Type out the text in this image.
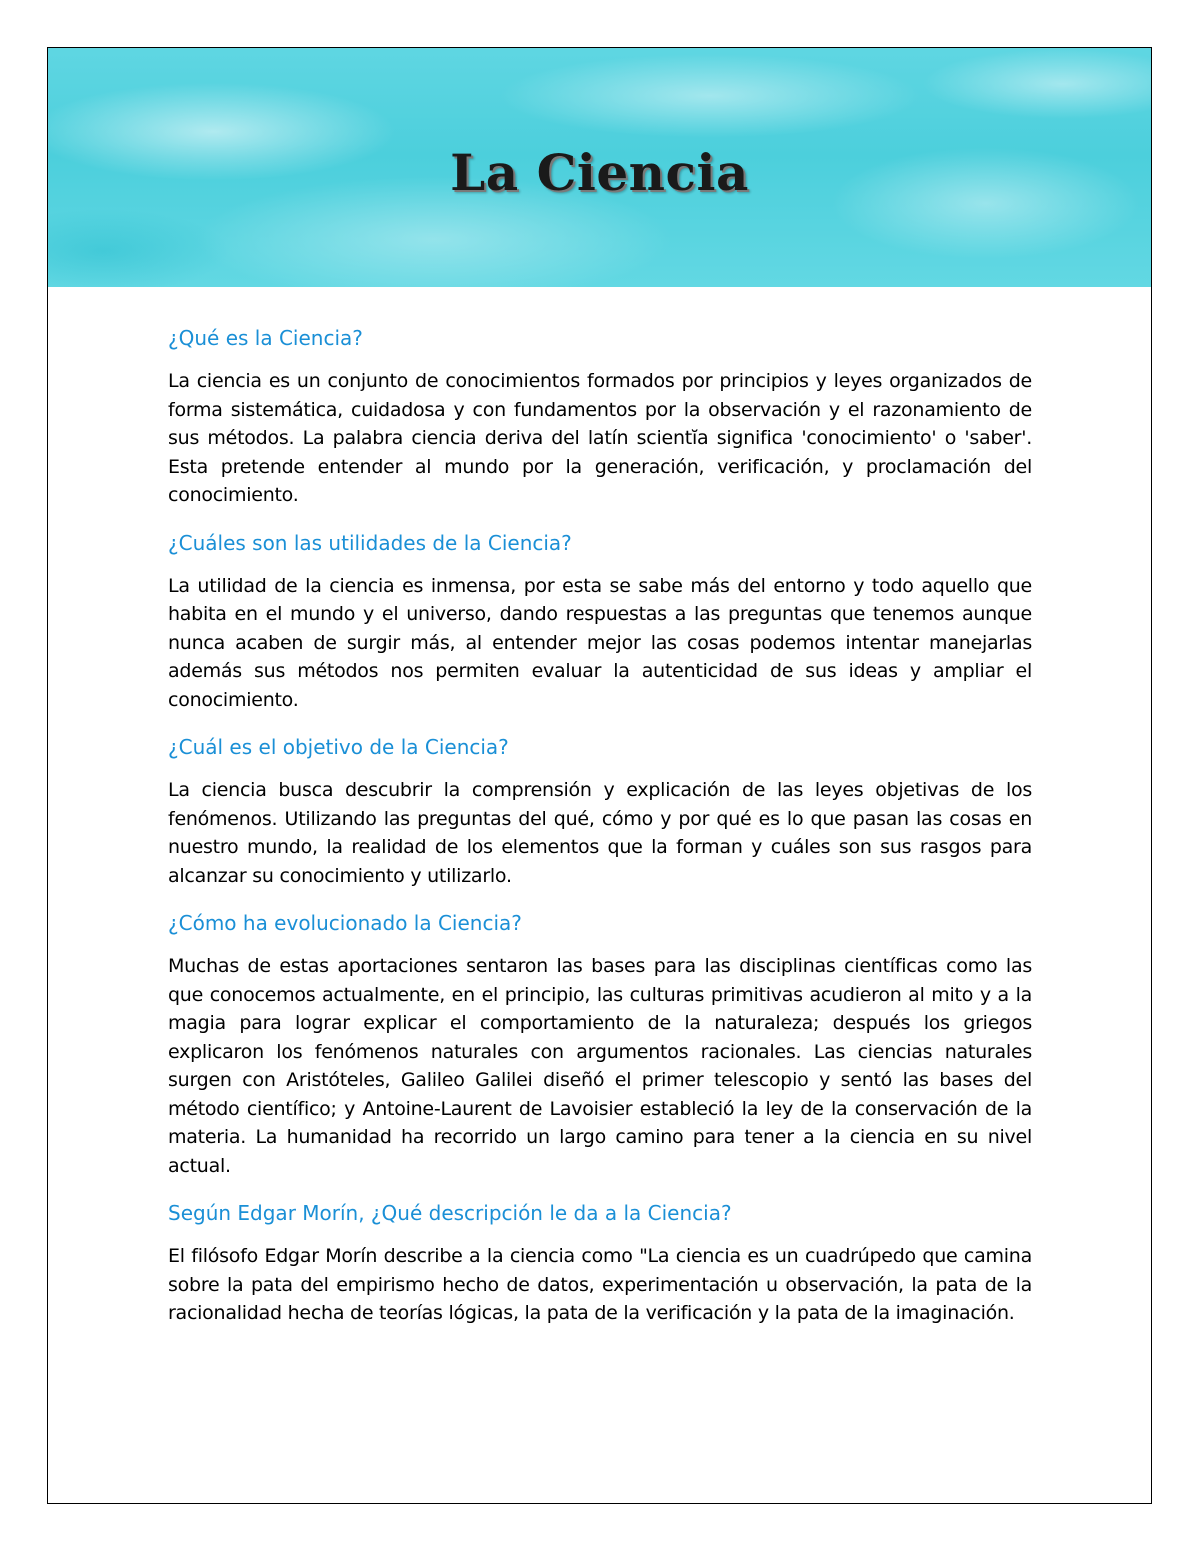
La Ciencia
¿Qué es la Ciencia?

La ciencia es un conjunto de conocimientos formados por principios y leyes organizados de forma sistemática, cuidadosa y con fundamentos por la observación y el razonamiento de sus métodos. La palabra ciencia deriva del latín scientĭa significa 'conocimiento' o 'saber'. Esta pretende entender al mundo por la generación, verificación, y proclamación del conocimiento.

¿Cuáles son las utilidades de la Ciencia?

La utilidad de la ciencia es inmensa, por esta se sabe más del entorno y todo aquello que habita en el mundo y el universo, dando respuestas a las preguntas que tenemos aunque nunca acaben de surgir más, al entender mejor las cosas podemos intentar manejarlas además sus métodos nos permiten evaluar la autenticidad de sus ideas y ampliar el conocimiento.

¿Cuál es el objetivo de la Ciencia?

La ciencia busca descubrir la comprensión y explicación de las leyes objetivas de los fenómenos. Utilizando las preguntas del qué, cómo y por qué es lo que pasan las cosas en nuestro mundo, la realidad de los elementos que la forman y cuáles son sus rasgos para alcanzar su conocimiento y utilizarlo.

¿Cómo ha evolucionado la Ciencia?

Muchas de estas aportaciones sentaron las bases para las disciplinas científicas como las que conocemos actualmente, en el principio, las culturas primitivas acudieron al mito y a la magia para lograr explicar el comportamiento de la naturaleza; después los griegos explicaron los fenómenos naturales con argumentos racionales. Las ciencias naturales surgen con Aristóteles, Galileo Galilei diseñó el primer telescopio y sentó las bases del método científico; y Antoine-Laurent de Lavoisier estableció la ley de la conservación de la materia. La humanidad ha recorrido un largo camino para tener a la ciencia en su nivel actual.

Según Edgar Morín, ¿Qué descripción le da a la Ciencia?

El filósofo Edgar Morín describe a la ciencia como "La ciencia es un cuadrúpedo que camina sobre la pata del empirismo hecho de datos, experimentación u observación, la pata de la racionalidad hecha de teorías lógicas, la pata de la verificación y la pata de la imaginación.
